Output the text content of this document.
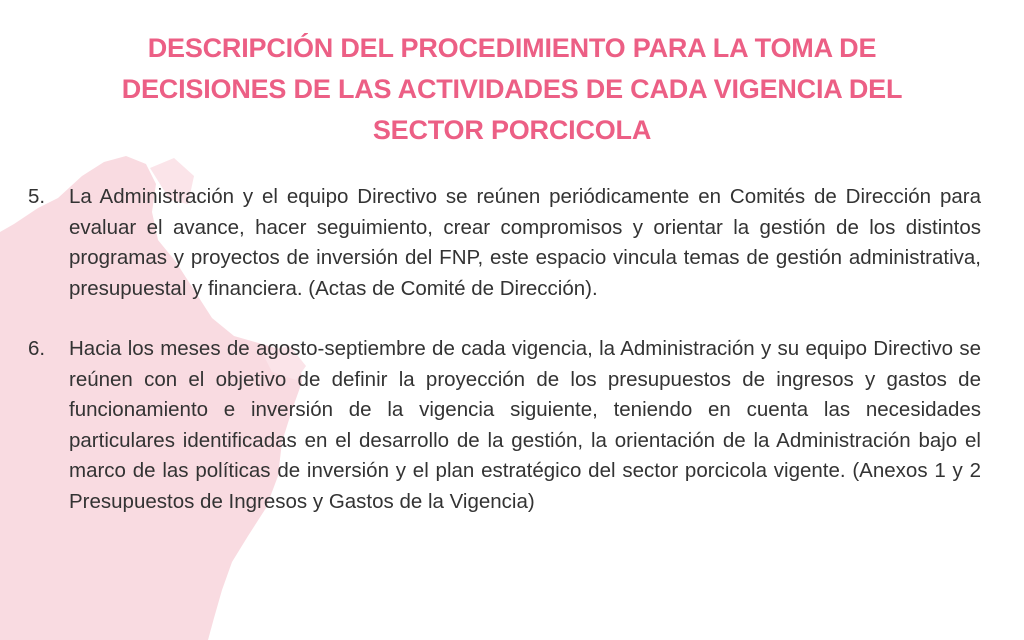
DESCRIPCIÓN DEL PROCEDIMIENTO PARA LA TOMA DE DECISIONES DE LAS ACTIVIDADES DE CADA VIGENCIA DEL SECTOR PORCICOLA
5. La Administración y el equipo Directivo se reúnen periódicamente en Comités de Dirección para evaluar el avance, hacer seguimiento, crear compromisos y orientar la gestión de los distintos programas y proyectos de inversión del FNP, este espacio vincula temas de gestión administrativa, presupuestal y financiera. (Actas de Comité de Dirección).
6. Hacia los meses de agosto-septiembre de cada vigencia, la Administración y su equipo Directivo se reúnen con el objetivo de definir la proyección de los presupuestos de ingresos y gastos de funcionamiento e inversión de la vigencia siguiente, teniendo en cuenta las necesidades particulares identificadas en el desarrollo de la gestión, la orientación de la Administración bajo el marco de las políticas de inversión y el plan estratégico del sector porcicola vigente. (Anexos 1 y 2 Presupuestos de Ingresos y Gastos de la Vigencia)
